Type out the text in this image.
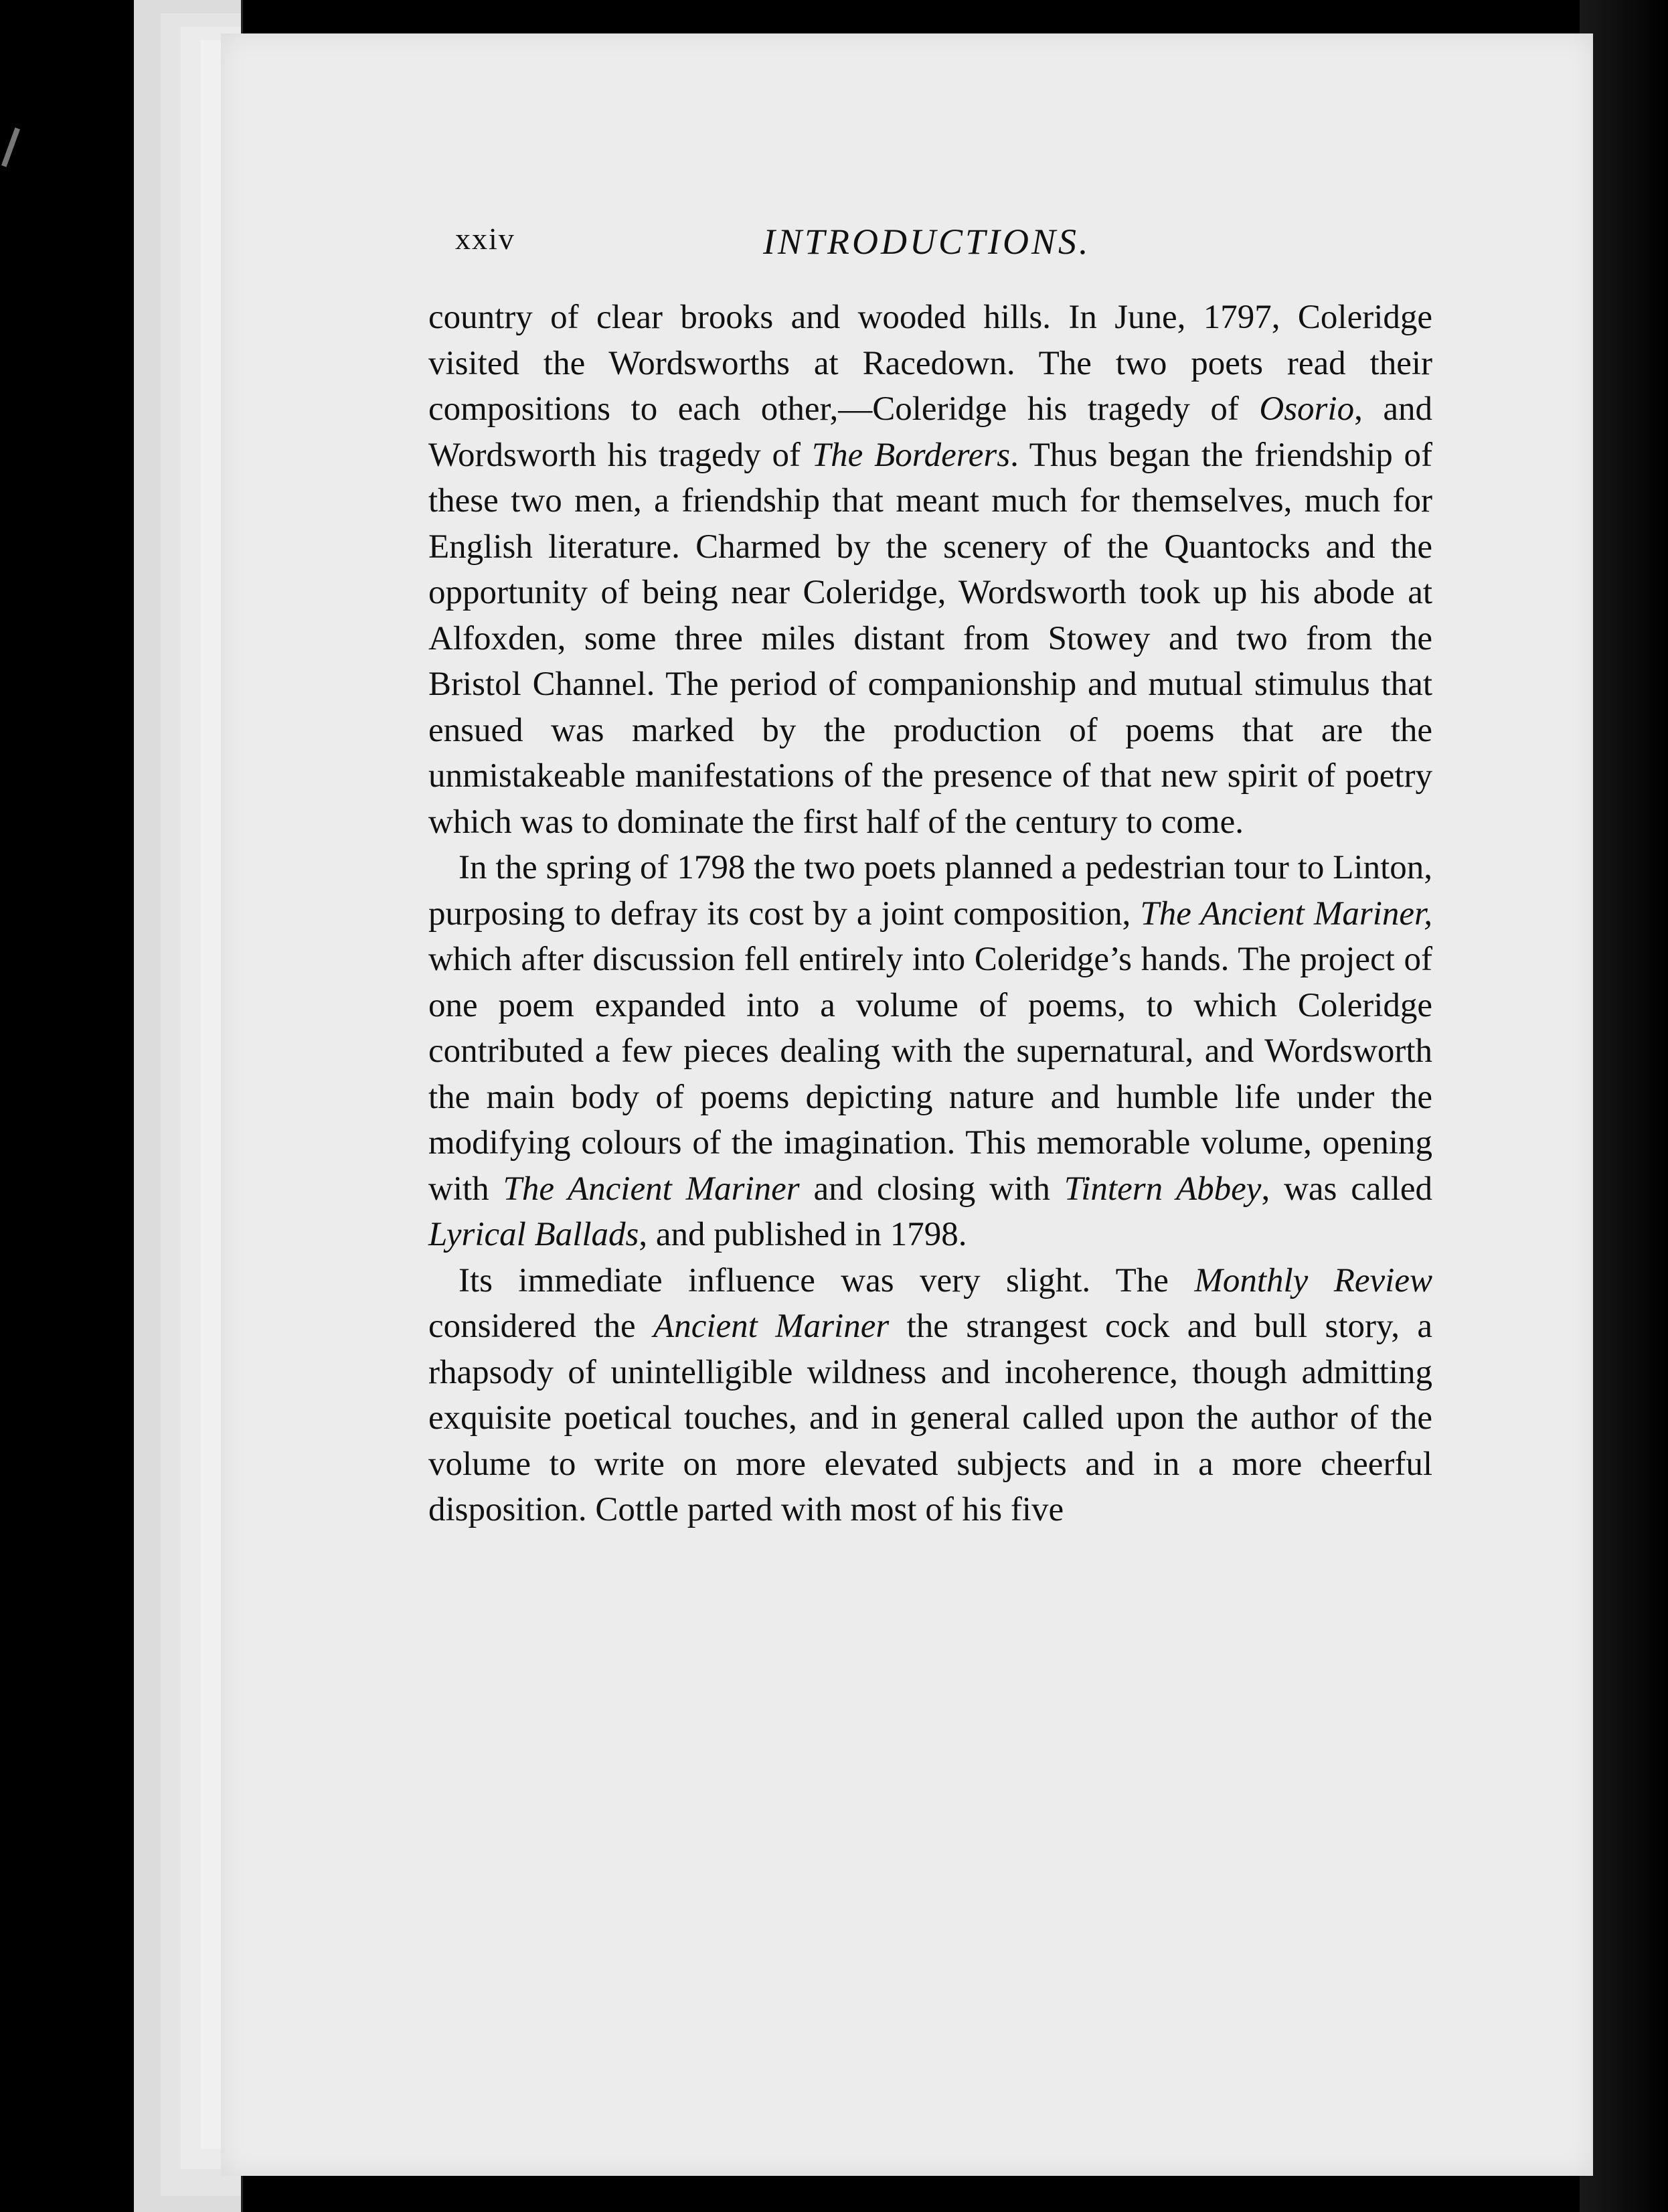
xxiv	INTRODUCTIONS.

country of clear brooks and wooded hills. In June, 1797, Coleridge visited the Wordsworths at Racedown. The two poets read their compositions to each other,—Coleridge his tragedy of Osorio, and Wordsworth his tragedy of The Borderers. Thus began the friendship of these two men, a friendship that meant much for themselves, much for English literature. Charmed by the scenery of the Quantocks and the opportunity of being near Coleridge, Wordsworth took up his abode at Alfoxden, some three miles distant from Stowey and two from the Bristol Channel. The period of companionship and mutual stimulus that ensued was marked by the production of poems that are the unmistakeable manifestations of the presence of that new spirit of poetry which was to dominate the first half of the century to come.

In the spring of 1798 the two poets planned a pedestrian tour to Linton, purposing to defray its cost by a joint composition, The Ancient Mariner, which after discussion fell entirely into Coleridge’s hands. The project of one poem expanded into a volume of poems, to which Coleridge contributed a few pieces dealing with the supernatural, and Wordsworth the main body of poems depicting nature and humble life under the modifying colours of the imagination. This memorable volume, opening with The Ancient Mariner and closing with Tintern Abbey, was called Lyrical Ballads, and published in 1798.

Its immediate influence was very slight. The Monthly Review considered the Ancient Mariner the strangest cock and bull story, a rhapsody of unintelligible wildness and incoherence, though admitting exquisite poetical touches, and in general called upon the author of the volume to write on more elevated subjects and in a more cheerful disposition. Cottle parted with most of his five
